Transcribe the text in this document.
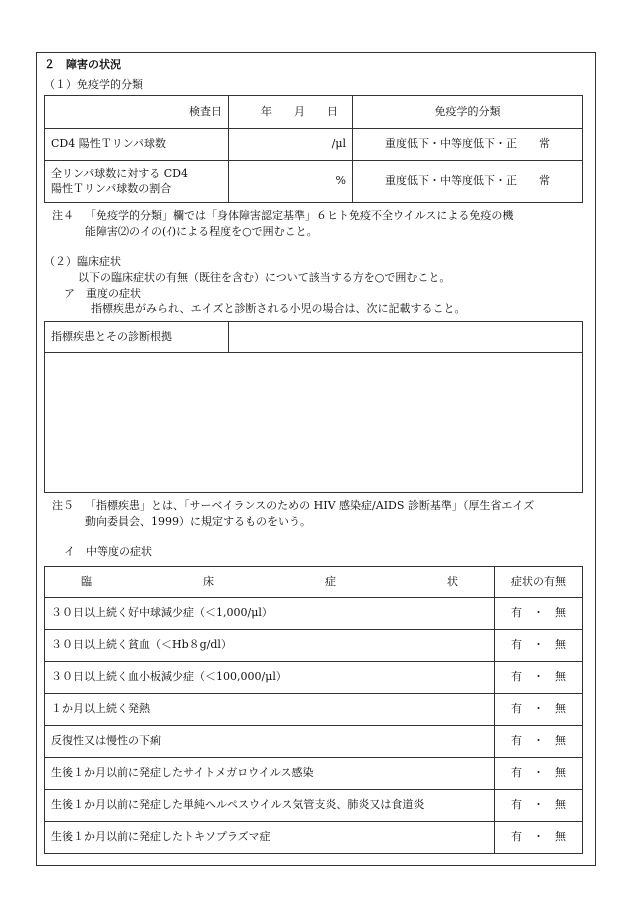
２　障害の状況
（１）免疫学的分類
検査日	年 月 日	免疫学的分類
CD4 陽性Ｔリンパ球数	/μl	重度低下・中等度低下・正　　常

全リンパ球数に対する CD4
陽性Ｔリンパ球数の割合	%	重度低下・中等度低下・正　　常
注４ 「免疫学的分類」欄では「身体障害認定基準」６ヒト免疫不全ウイルスによる免疫の機
能障害⑵のイの(ｲ)による程度を○で囲むこと。
（２）臨床症状
以下の臨床症状の有無（既往を含む）について該当する方を○で囲むこと。
ア　重度の症状
指標疾患がみられ、エイズと診断される小児の場合は、次に記載すること。
指標疾患とその診断根拠	

注５ 「指標疾患」とは、「サーベイランスのための HIV 感染症/AIDS 診断基準」（厚生省エイズ
動向委員会、1999）に規定するものをいう。
イ　中等度の症状
臨床症状	症状の有無
３０日以上続く好中球減少症（＜1,000/μl）	有　・　無
３０日以上続く貧血（＜Hb８g/dl）	有　・　無
３０日以上続く血小板減少症（＜100,000/μl）	有　・　無
１か月以上続く発熱	有　・　無
反復性又は慢性の下痢	有　・　無
生後１か月以前に発症したサイトメガロウイルス感染	有　・　無
生後１か月以前に発症した単純ヘルペスウイルス気管支炎、肺炎又は食道炎	有　・　無
生後１か月以前に発症したトキソプラズマ症	有　・　無
